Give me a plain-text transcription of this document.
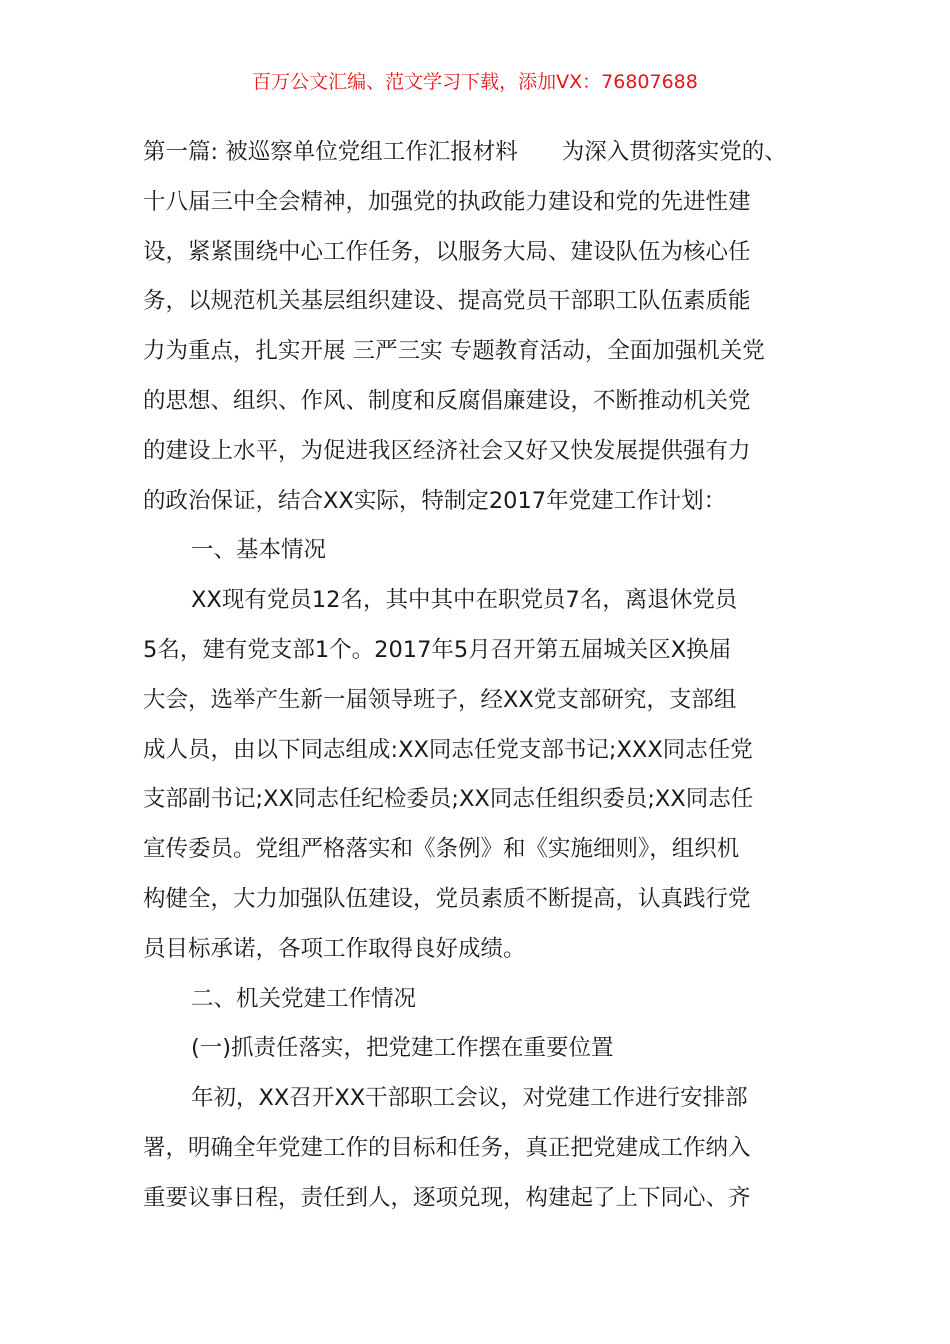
百万公文汇编、范文学习下载，添加VX：76807688
第一篇: 被巡察单位党组工作汇报材料 为深入贯彻落实党的、
十八届三中全会精神，加强党的执政能力建设和党的先进性建
设，紧紧围绕中心工作任务，以服务大局、建设队伍为核心任
务，以规范机关基层组织建设、提高党员干部职工队伍素质能
力为重点，扎实开展 三严三实 专题教育活动，全面加强机关党
的思想、组织、作风、制度和反腐倡廉建设，不断推动机关党
的建设上水平，为促进我区经济社会又好又快发展提供强有力
的政治保证，结合XX实际，特制定2017年党建工作计划：
一、基本情况
XX现有党员12名，其中其中在职党员7名，离退休党员
5名，建有党支部1个。2017年5月召开第五届城关区X换届
大会，选举产生新一届领导班子，经XX党支部研究，支部组
成人员，由以下同志组成:XX同志任党支部书记;XXX同志任党
支部副书记;XX同志任纪检委员;XX同志任组织委员;XX同志任
宣传委员。党组严格落实和《条例》和《实施细则》，组织机
构健全，大力加强队伍建设，党员素质不断提高，认真践行党
员目标承诺，各项工作取得良好成绩。
二、机关党建工作情况
(一)抓责任落实，把党建工作摆在重要位置
年初，XX召开XX干部职工会议，对党建工作进行安排部
署，明确全年党建工作的目标和任务，真正把党建成工作纳入
重要议事日程，责任到人，逐项兑现，构建起了上下同心、齐
